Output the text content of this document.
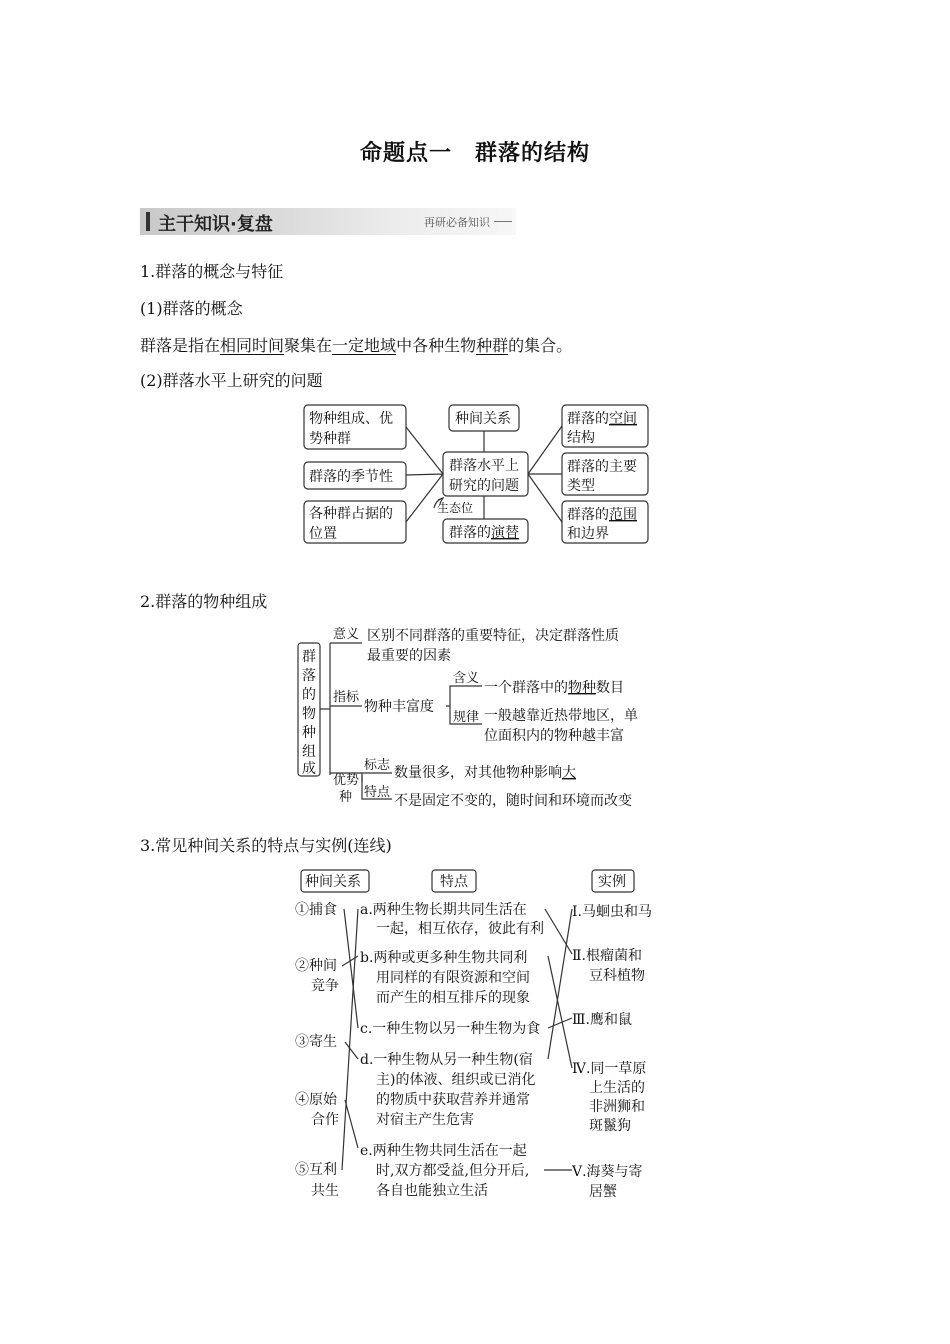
命题点一　群落的结构
主干知识·复盘	再研必备知识
1.群落的概念与特征
(1)群落的概念
群落是指在相同时间聚集在一定地域中各种生物种群的集合。
(2)群落水平上研究的问题
物种组成、优
势种群
群落的季节性
各种群占据的
位置
种间关系
群落水平上
研究的问题
群落的演替
群落的空间
结构
群落的主要
类型
群落的范围
和边界
生态位
2.群落的物种组成
群
落
的
物
种
组
成
意义 区别不同群落的重要特征，决定群落性质
最重要的因素
指标
物种丰富度
含义
一个群落中的物种数目
规律 一般越靠近热带地区，单
位面积内的物种越丰富
优势
种
标志 数量很多，对其他物种影响大
特点
不是固定不变的，随时间和环境而改变
3.常见种间关系的特点与实例(连线)
种间关系	特点	实例
①捕食
②种间
竞争
③寄生
④原始
合作
⑤互利
共生
a.两种生物长期共同生活在
一起，相互依存，彼此有利
b.两种或更多种生物共同利
用同样的有限资源和空间
而产生的相互排斥的现象
c.一种生物以另一种生物为食
d.一种生物从另一种生物(宿
主)的体液、组织或已消化
的物质中获取营养并通常
对宿主产生危害
e.两种生物共同生活在一起
时,双方都受益,但分开后,
各自也能独立生活
Ⅰ.马蛔虫和马
Ⅱ.根瘤菌和
豆科植物
Ⅲ.鹰和鼠
Ⅳ.同一草原
上生活的
非洲狮和
斑鬣狗
Ⅴ.海葵与寄
居蟹
